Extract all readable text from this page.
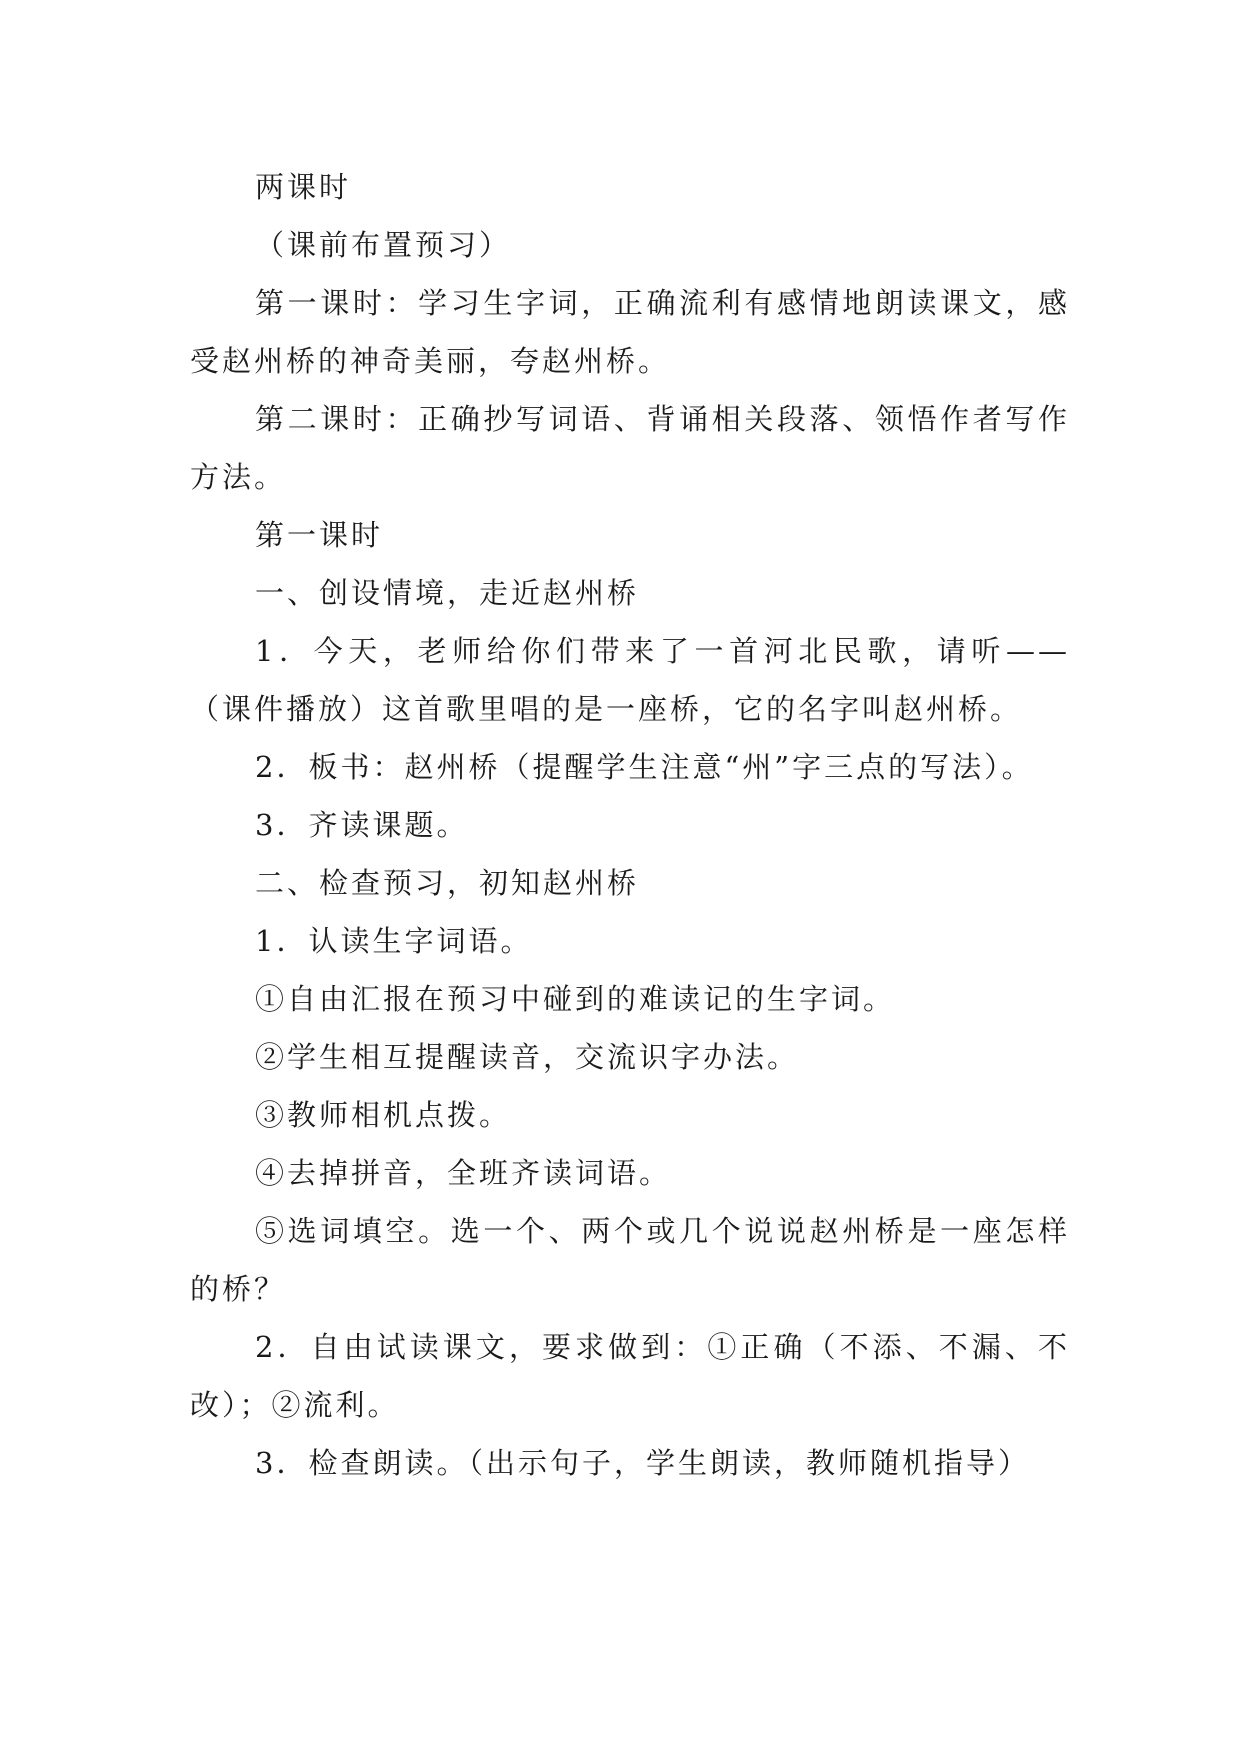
两课时

（课前布置预习）

第一课时：学习生字词，正确流利有感情地朗读课文，感受赵州桥的神奇美丽，夸赵州桥。

第二课时：正确抄写词语、背诵相关段落、领悟作者写作方法。

第一课时

一、创设情境，走近赵州桥

1．今天，老师给你们带来了一首河北民歌，请听——（课件播放）这首歌里唱的是一座桥，它的名字叫赵州桥。

2．板书：赵州桥（提醒学生注意“州”字三点的写法）。

3．齐读课题。

二、检查预习，初知赵州桥

1．认读生字词语。

①自由汇报在预习中碰到的难读记的生字词。

②学生相互提醒读音，交流识字办法。

③教师相机点拨。

④去掉拼音，全班齐读词语。

⑤选词填空。选一个、两个或几个说说赵州桥是一座怎样的桥？

2．自由试读课文，要求做到：①正确（不添、不漏、不改）；②流利。

3．检查朗读。（出示句子，学生朗读，教师随机指导）
